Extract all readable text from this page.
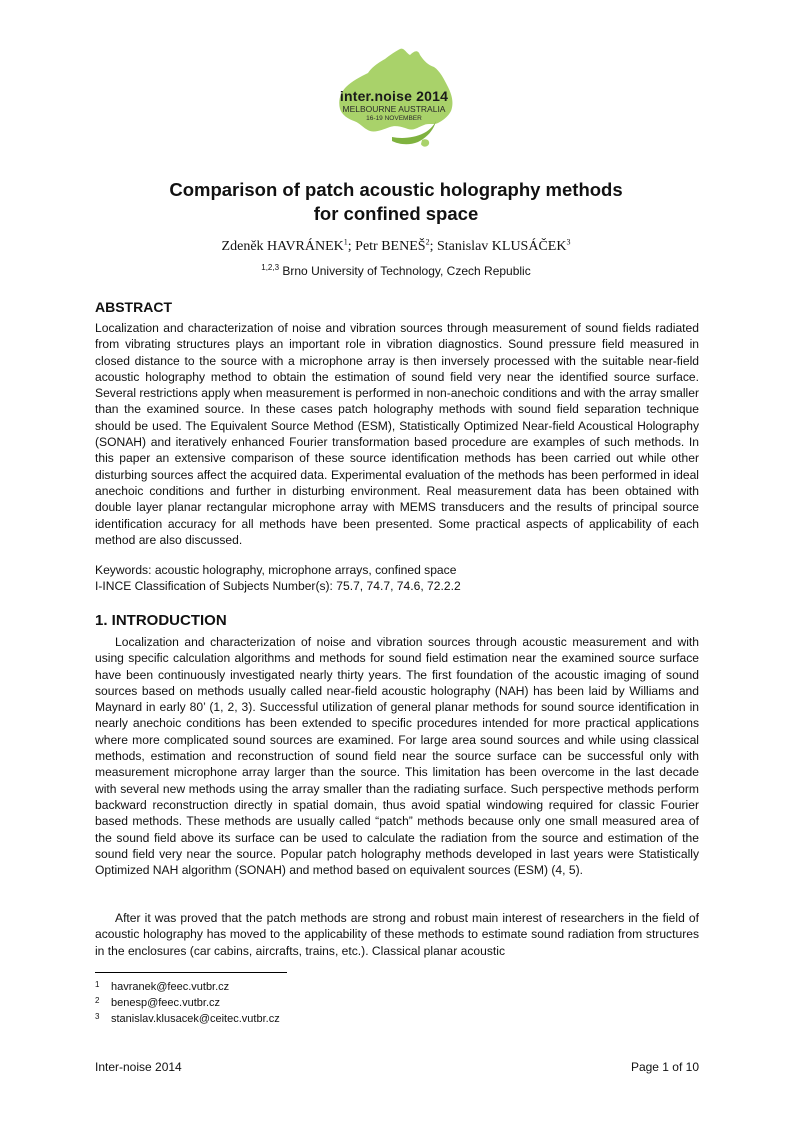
inter.noise 2014
MELBOURNE AUSTRALIA
16-19 NOVEMBER
Comparison of patch acoustic holography methods
for confined space
Zdeněk HAVRÁNEK$^1$; Petr BENEŠ$^2$; Stanislav KLUSÁČEK$^3$
$^{1,2,3}$ Brno University of Technology, Czech Republic
ABSTRACT

Localization and characterization of noise and vibration sources through measurement of sound fields radiated from vibrating structures plays an important role in vibration diagnostics. Sound pressure field measured in closed distance to the source with a microphone array is then inversely processed with the suitable near-field acoustic holography method to obtain the estimation of sound field very near the identified source surface. Several restrictions apply when measurement is performed in non-anechoic conditions and with the array smaller than the examined source. In these cases patch holography methods with sound field separation technique should be used. The Equivalent Source Method (ESM), Statistically Optimized Near-field Acoustical Holography (SONAH) and iteratively enhanced Fourier transformation based procedure are examples of such methods. In this paper an extensive comparison of these source identification methods has been carried out while other disturbing sources affect the acquired data. Experimental evaluation of the methods has been performed in ideal anechoic conditions and further in disturbing environment. Real measurement data has been obtained with double layer planar rectangular microphone array with MEMS transducers and the results of principal source identification accuracy for all methods have been presented. Some practical aspects of applicability of each method are also discussed.

Keywords: acoustic holography, microphone arrays, confined space
I-INCE Classification of Subjects Number(s): 75.7, 74.7, 74.6, 72.2.2
1. INTRODUCTION

Localization and characterization of noise and vibration sources through acoustic measurement and with using specific calculation algorithms and methods for sound field estimation near the examined source surface have been continuously investigated nearly thirty years. The first foundation of the acoustic imaging of sound sources based on methods usually called near-field acoustic holography (NAH) has been laid by Williams and Maynard in early 80’ (1, 2, 3). Successful utilization of general planar methods for sound source identification in nearly anechoic conditions has been extended to specific procedures intended for more practical applications where more complicated sound sources are examined. For large area sound sources and while using classical methods, estimation and reconstruction of sound field near the source surface can be successful only with measurement microphone array larger than the source. This limitation has been overcome in the last decade with several new methods using the array smaller than the radiating surface. Such perspective methods perform backward reconstruction directly in spatial domain, thus avoid spatial windowing required for classic Fourier based methods. These methods are usually called “patch” methods because only one small measured area of the sound field above its surface can be used to calculate the radiation from the source and estimation of the sound field very near the source. Popular patch holography methods developed in last years were Statistically Optimized NAH algorithm (SONAH) and method based on equivalent sources (ESM) (4, 5).

After it was proved that the patch methods are strong and robust main interest of researchers in the field of acoustic holography has moved to the applicability of these methods to estimate sound radiation from structures in the enclosures (car cabins, aircrafts, trains, etc.). Classical planar acoustic

1 havranek@feec.vutbr.cz
2 benesp@feec.vutbr.cz
3 stanislav.klusacek@ceitec.vutbr.cz
Inter-noise 2014	Page 1 of 10
